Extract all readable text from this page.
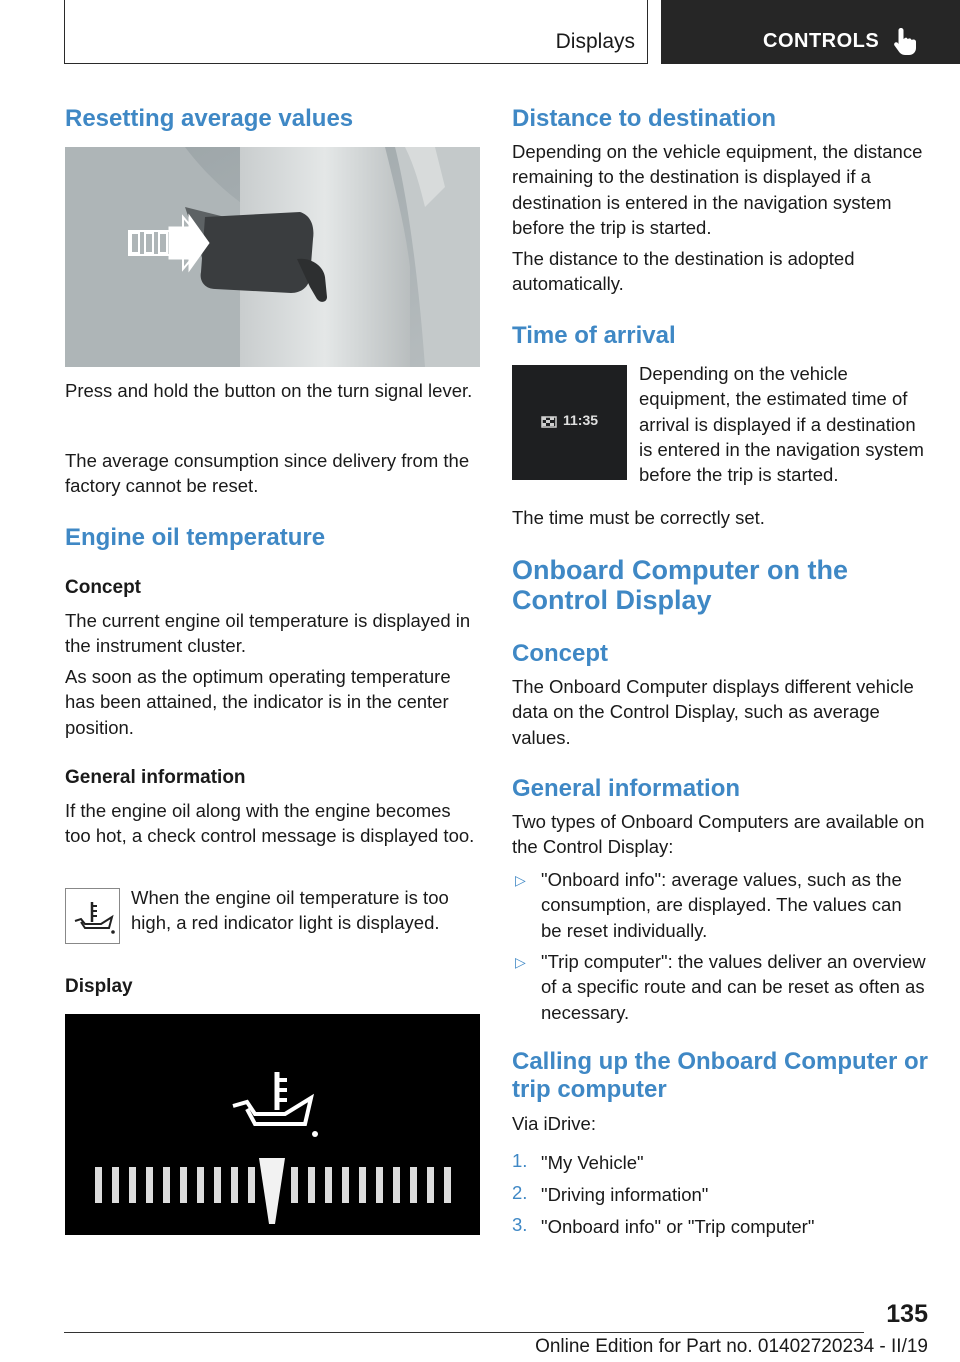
Displays	CONTROLS
Resetting average values
Press and hold the button on the turn signal lever.
The average consumption since delivery from the factory cannot be reset.
Engine oil temperature
Concept
The current engine oil temperature is displayed in the instrument cluster.
As soon as the optimum operating temperature has been attained, the indicator is in the center position.
General information
If the engine oil along with the engine becomes too hot, a check control message is displayed too.
When the engine oil temperature is too high, a red indicator light is displayed.
Display
Distance to destination
Depending on the vehicle equipment, the distance remaining to the destination is displayed if a destination is entered in the navigation system before the trip is started.
The distance to the destination is adopted automatically.
Time of arrival
11:35
Depending on the vehicle equipment, the estimated time of arrival is displayed if a destination is entered in the navigation system before the trip is started.
The time must be correctly set.
Onboard Computer on the Control Display
Concept
The Onboard Computer displays different vehicle data on the Control Display, such as average values.
General information
Two types of Onboard Computers are available on the Control Display:
▷ "Onboard info": average values, such as the consumption, are displayed. The values can be reset individually.
▷ "Trip computer": the values deliver an overview of a specific route and can be reset as often as necessary.
Calling up the Onboard Computer or trip computer
Via iDrive:
1. "My Vehicle"
2. "Driving information"
3. "Onboard info" or "Trip computer"
135
Online Edition for Part no. 01402720234 - II/19
